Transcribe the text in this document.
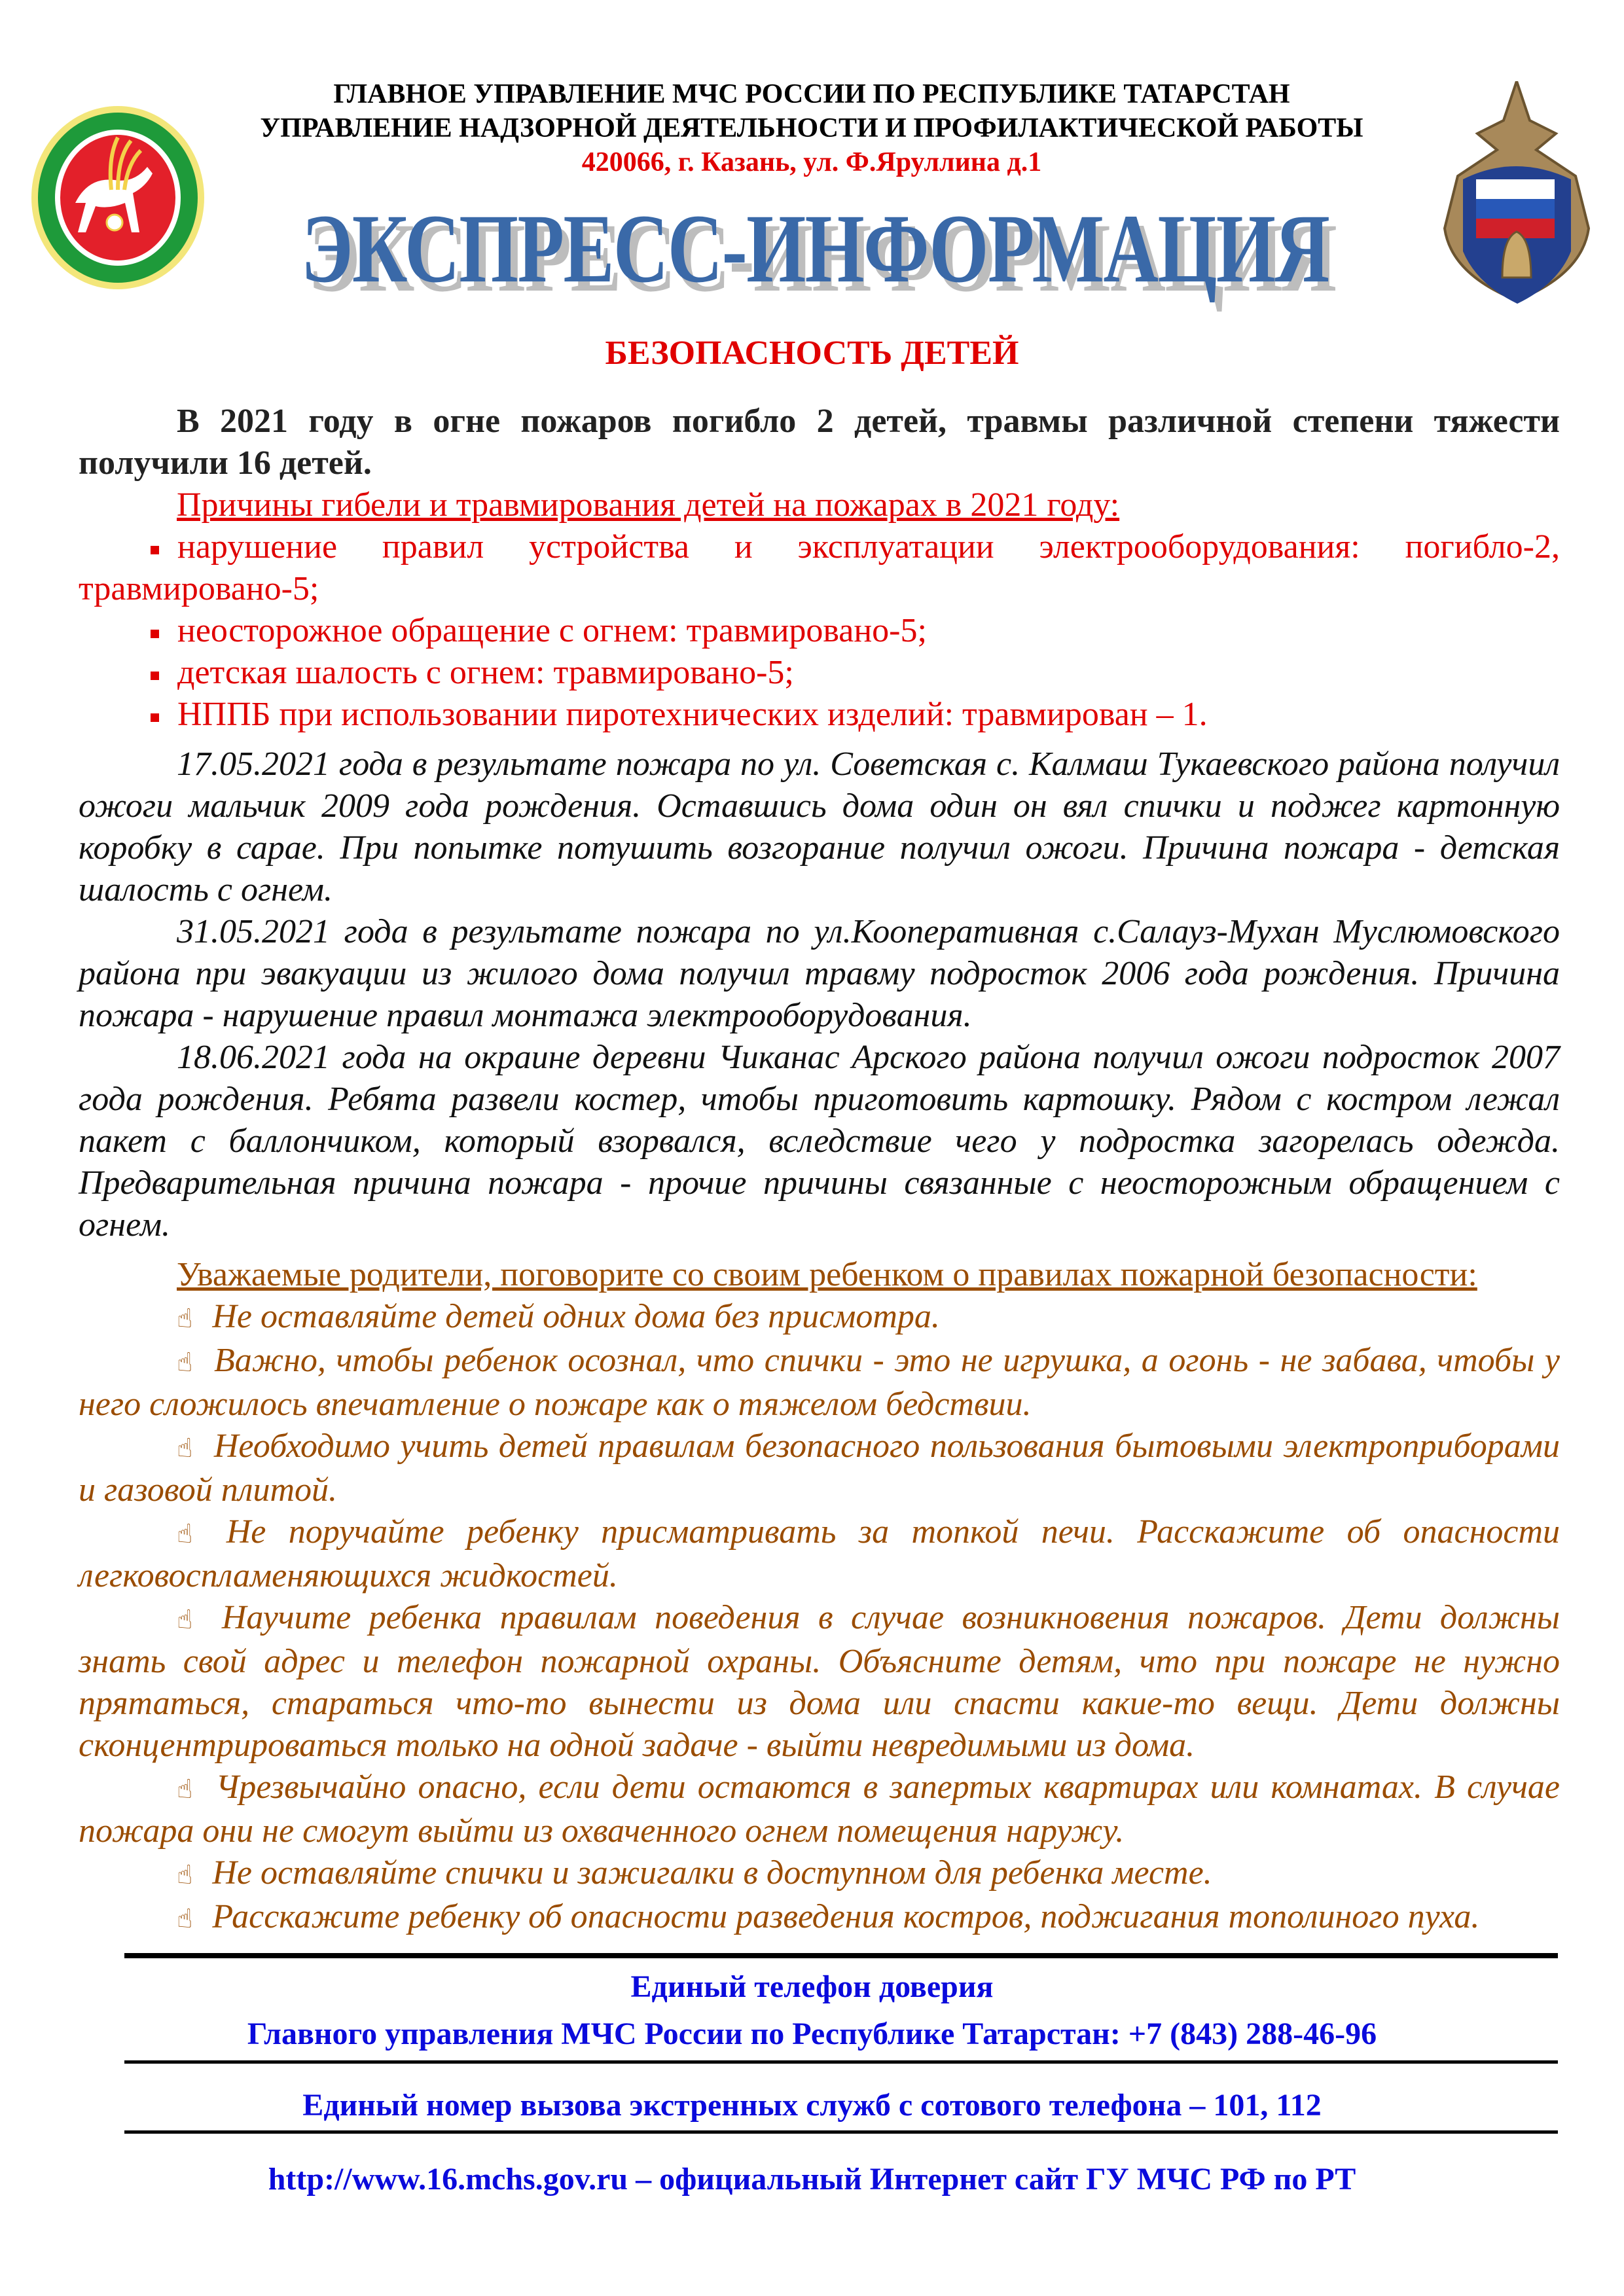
ГЛАВНОЕ УПРАВЛЕНИЕ МЧС РОССИИ ПО РЕСПУБЛИКЕ ТАТАРСТАН
УПРАВЛЕНИЕ НАДЗОРНОЙ ДЕЯТЕЛЬНОСТИ И ПРОФИЛАКТИЧЕСКОЙ РАБОТЫ
420066, г. Казань, ул. Ф.Яруллина д.1
ЭКСПРЕСС-ИНФОРМАЦИЯ
БЕЗОПАСНОСТЬ ДЕТЕЙ

В 2021 году в огне пожаров погибло 2 детей, травмы различной степени тяжести получили 16 детей.

Причины гибели и травмирования детей на пожарах в 2021 году:

нарушение правил устройства и эксплуатации электрооборудования: погибло-2, травмировано-5;

неосторожное обращение с огнем: травмировано-5;

детская шалость с огнем: травмировано-5;

НППБ при использовании пиротехнических изделий: травмирован – 1.

17.05.2021 года в результате пожара по ул. Советская с. Калмаш Тукаевского района получил ожоги мальчик 2009 года рождения. Оставшись дома один он вял спички и поджег картонную коробку в сарае. При попытке потушить возгорание получил ожоги. Причина пожара - детская шалость с огнем.

31.05.2021 года в результате пожара по ул.Кооперативная с.Салауз-Мухан Муслюмовского района при эвакуации из жилого дома получил травму подросток 2006 года рождения. Причина пожара - нарушение правил монтажа электрооборудования.

18.06.2021 года на окраине деревни Чиканас Арского района получил ожоги подросток 2007 года рождения. Ребята развели костер, чтобы приготовить картошку. Рядом с костром лежал пакет с баллончиком, который взорвался, вследствие чего у подростка загорелась одежда. Предварительная причина пожара - прочие причины связанные с неосторожным обращением с огнем.

Уважаемые родители, поговорите со своим ребенком о правилах пожарной безопасности:

☝ Не оставляйте детей одних дома без присмотра.

☝ Важно, чтобы ребенок осознал, что спички - это не игрушка, а огонь - не забава, чтобы у него сложилось впечатление о пожаре как о тяжелом бедствии.

☝ Необходимо учить детей правилам безопасного пользования бытовыми электроприборами и газовой плитой.

☝ Не поручайте ребенку присматривать за топкой печи. Расскажите об опасности легковоспламеняющихся жидкостей.

☝ Научите ребенка правилам поведения в случае возникновения пожаров. Дети должны знать свой адрес и телефон пожарной охраны. Объясните детям, что при пожаре не нужно прятаться, стараться что-то вынести из дома или спасти какие-то вещи. Дети должны сконцентрироваться только на одной задаче - выйти невредимыми из дома.

☝ Чрезвычайно опасно, если дети остаются в запертых квартирах или комнатах. В случае пожара они не смогут выйти из охваченного огнем помещения наружу.

☝ Не оставляйте спички и зажигалки в доступном для ребенка месте.

☝ Расскажите ребенку об опасности разведения костров, поджигания тополиного пуха.

Единый телефон доверия
Главного управления МЧС России по Республике Татарстан: +7 (843) 288-46-96
Единый номер вызова экстренных служб с сотового телефона – 101, 112
http://www.16.mchs.gov.ru – официальный Интернет сайт ГУ МЧС РФ по РТ
